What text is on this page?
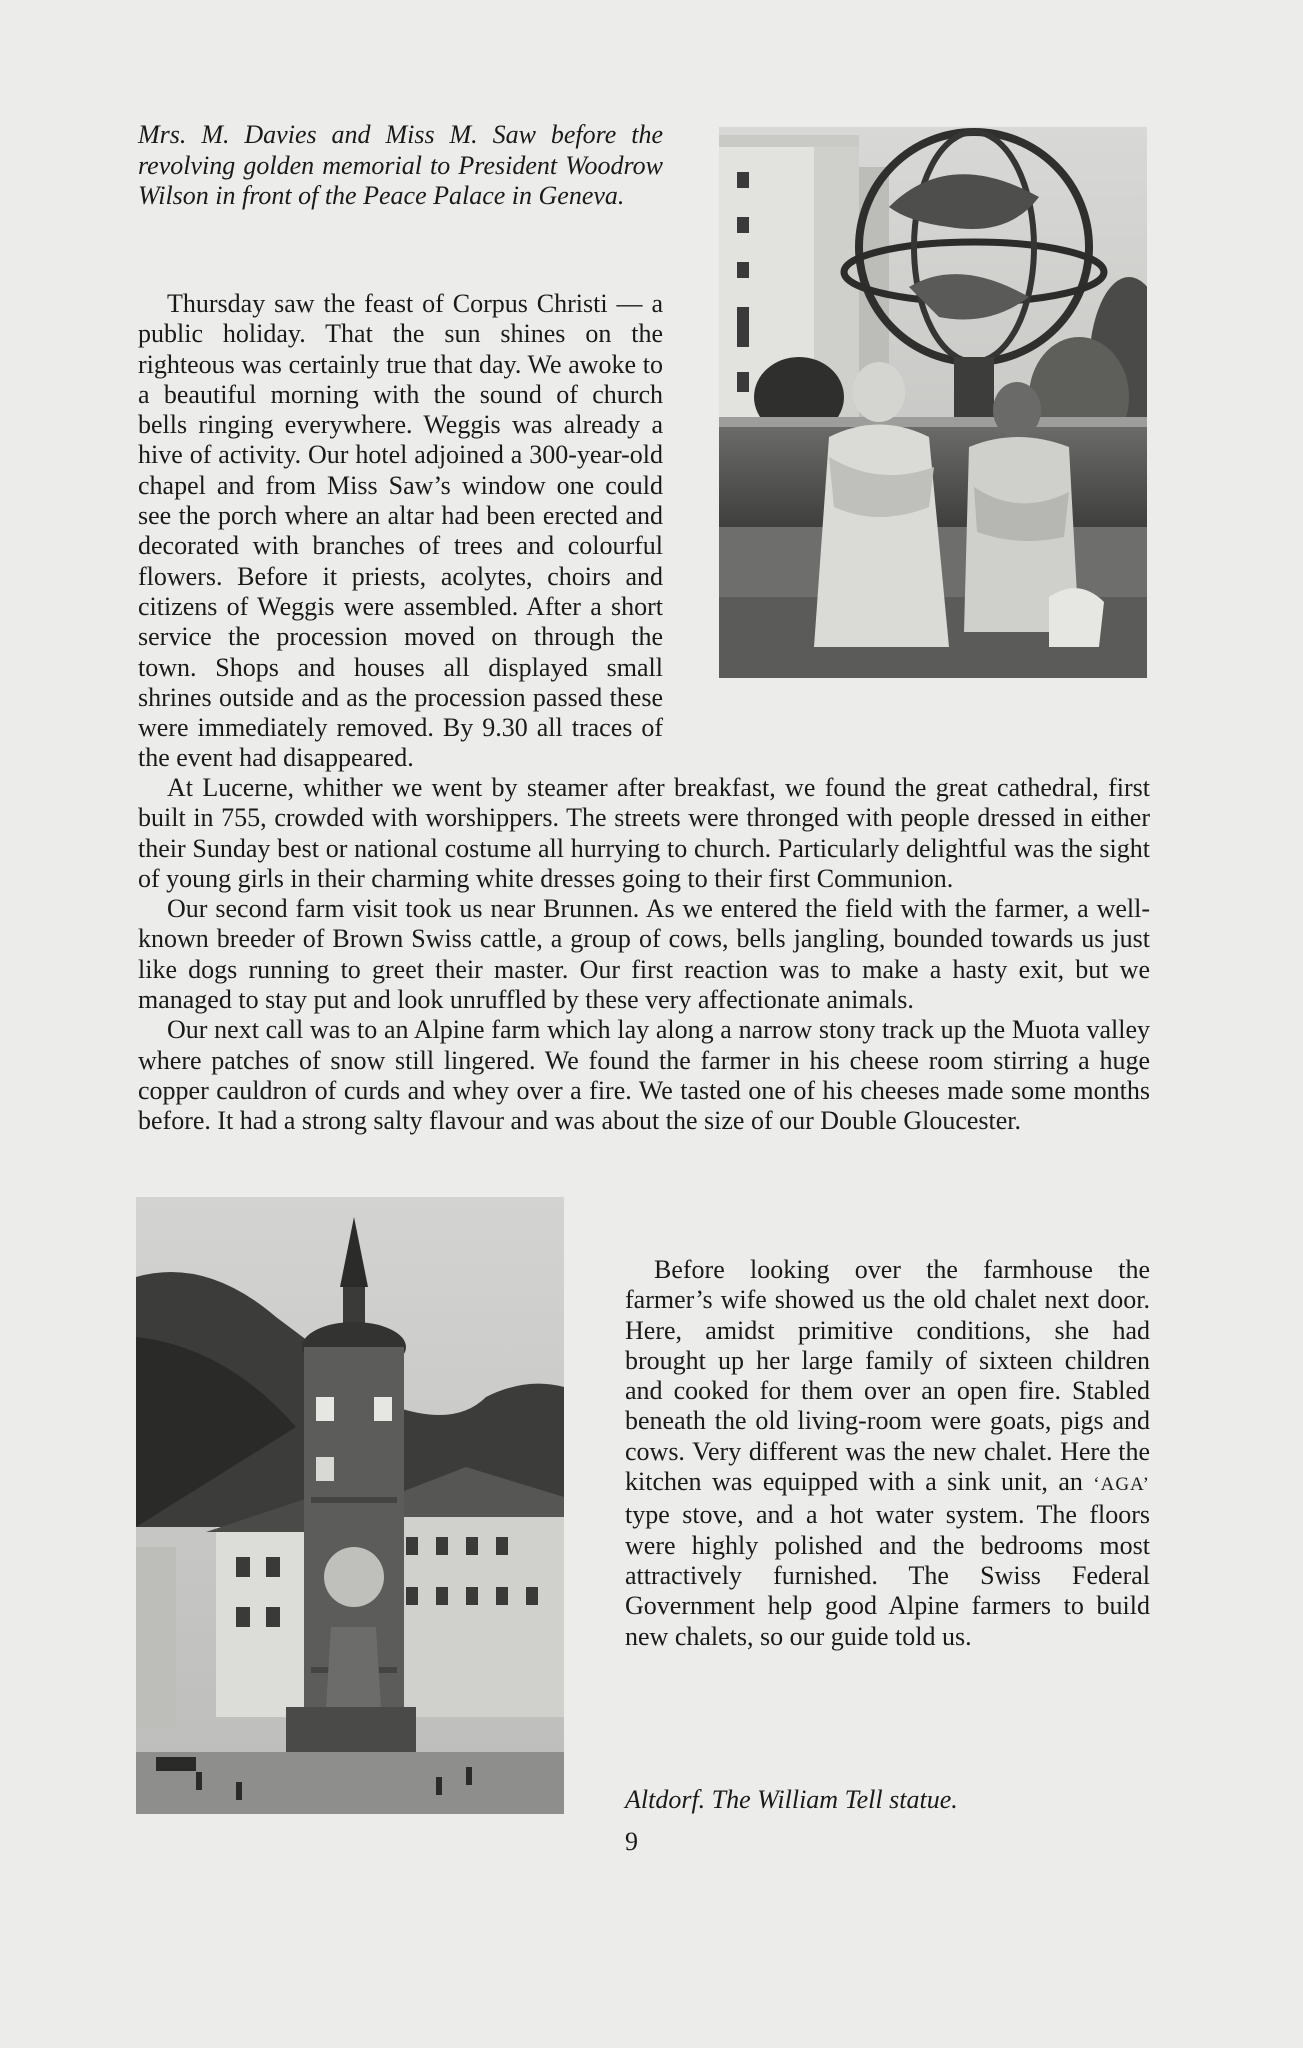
Mrs. M. Davies and Miss M. Saw before the revolving golden memorial to President Woodrow Wilson in front of the Peace Palace in Geneva.

Thursday saw the feast of Corpus Christi — a public holiday. That the sun shines on the righteous was certainly true that day. We awoke to a beautiful morning with the sound of church bells ringing everywhere. Weggis was already a hive of activity. Our hotel adjoined a 300-year-old chapel and from Miss Saw’s window one could see the porch where an altar had been erected and decorated with branches of trees and colourful flowers. Before it priests, acolytes, choirs and citizens of Weggis were assembled. After a short service the procession moved on through the town. Shops and houses all displayed small shrines outside and as the procession passed these were immediately removed. By 9.30 all traces of the event had disappeared.

At Lucerne, whither we went by steamer after breakfast, we found the great cathedral, first built in 755, crowded with worshippers. The streets were thronged with people dressed in either their Sunday best or national costume all hurrying to church. Particularly delightful was the sight of young girls in their charming white dresses going to their first Communion.

Our second farm visit took us near Brunnen. As we entered the field with the farmer, a well-known breeder of Brown Swiss cattle, a group of cows, bells jangling, bounded towards us just like dogs running to greet their master. Our first reaction was to make a hasty exit, but we managed to stay put and look unruffled by these very affectionate animals.

Our next call was to an Alpine farm which lay along a narrow stony track up the Muota valley where patches of snow still lingered. We found the farmer in his cheese room stirring a huge copper cauldron of curds and whey over a fire. We tasted one of his cheeses made some months before. It had a strong salty flavour and was about the size of our Double Gloucester.

Before looking over the farmhouse the farmer’s wife showed us the old chalet next door. Here, amidst primitive conditions, she had brought up her large family of sixteen children and cooked for them over an open fire. Stabled beneath the old living-room were goats, pigs and cows. Very different was the new chalet. Here the kitchen was equipped with a sink unit, an ‘AGA’ type stove, and a hot water system. The floors were highly polished and the bedrooms most attractively furnished. The Swiss Federal Government help good Alpine farmers to build new chalets, so our guide told us.

Altdorf. The William Tell statue.
9
